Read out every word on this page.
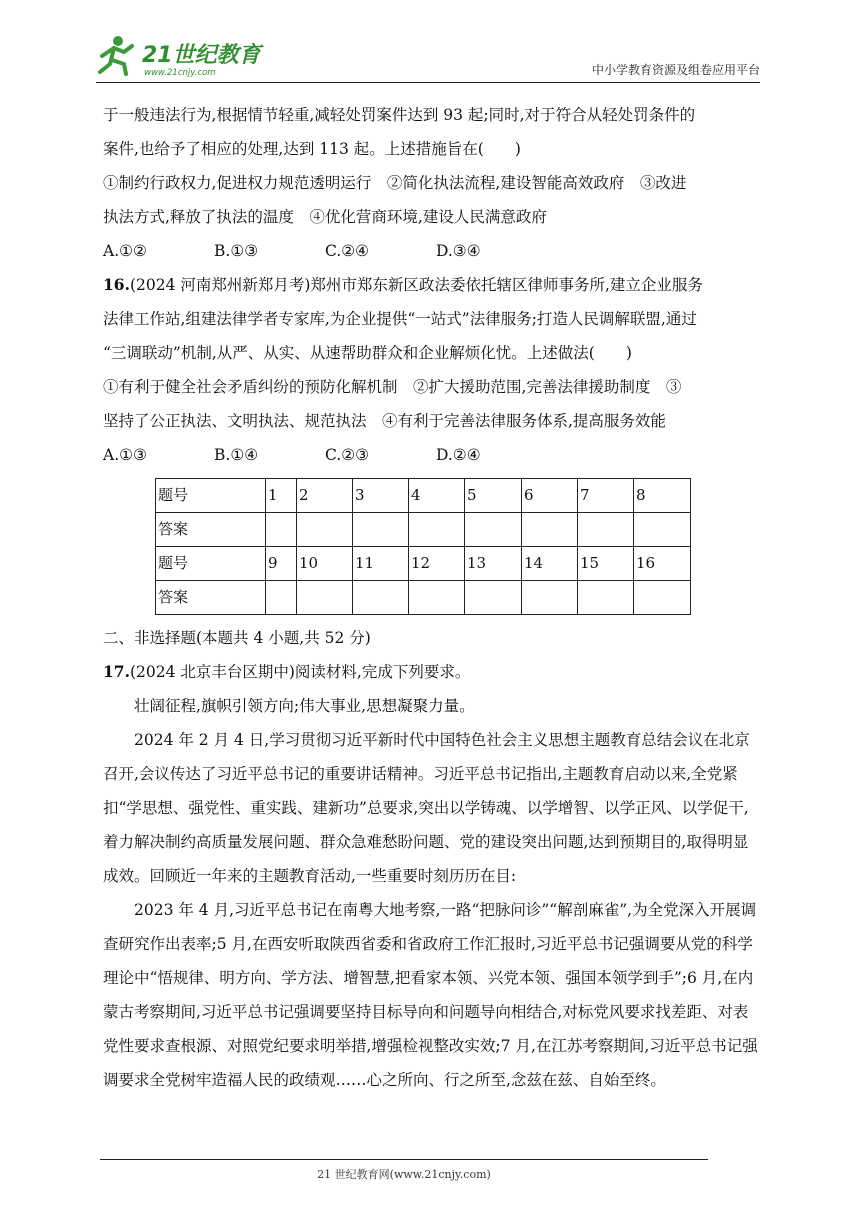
21世纪教育
www.21cnjy.com	中小学教育资源及组卷应用平台

于一般违法行为,根据情节轻重,减轻处罚案件达到 93 起;同时,对于符合从轻处罚条件的

案件,也给予了相应的处理,达到 113 起。上述措施旨在(　　)

①制约行政权力,促进权力规范透明运行　②简化执法流程,建设智能高效政府　③改进

执法方式,释放了执法的温度　④优化营商环境,建设人民满意政府

A.①②	B.①③	C.②④	D.③④

16.(2024 河南郑州新郑月考)郑州市郑东新区政法委依托辖区律师事务所,建立企业服务

法律工作站,组建法律学者专家库,为企业提供“一站式”法律服务;打造人民调解联盟,通过

“三调联动”机制,从严、从实、从速帮助群众和企业解烦化忧。上述做法(　　)

①有利于健全社会矛盾纠纷的预防化解机制　②扩大援助范围,完善法律援助制度　③

坚持了公正执法、文明执法、规范执法　④有利于完善法律服务体系,提高服务效能

A.①③	B.①④	C.②③	D.②④
题号	1	2	3	4	5	6	7	8
答案								
题号	9	10	11	12	13	14	15	16
答案								

二、非选择题(本题共 4 小题,共 52 分)

17.(2024 北京丰台区期中)阅读材料,完成下列要求。

壮阔征程,旗帜引领方向;伟大事业,思想凝聚力量。

2024 年 2 月 4 日,学习贯彻习近平新时代中国特色社会主义思想主题教育总结会议在北京召开,会议传达了习近平总书记的重要讲话精神。习近平总书记指出,主题教育启动以来,全党紧扣“学思想、强党性、重实践、建新功”总要求,突出以学铸魂、以学增智、以学正风、以学促干,着力解决制约高质量发展问题、群众急难愁盼问题、党的建设突出问题,达到预期目的,取得明显成效。回顾近一年来的主题教育活动,一些重要时刻历历在目:

2023 年 4 月,习近平总书记在南粤大地考察,一路“把脉问诊”“解剖麻雀”,为全党深入开展调查研究作出表率;5 月,在西安听取陕西省委和省政府工作汇报时,习近平总书记强调要从党的科学理论中“悟规律、明方向、学方法、增智慧,把看家本领、兴党本领、强国本领学到手”;6 月,在内蒙古考察期间,习近平总书记强调要坚持目标导向和问题导向相结合,对标党风要求找差距、对表党性要求查根源、对照党纪要求明举措,增强检视整改实效;7 月,在江苏考察期间,习近平总书记强调要求全党树牢造福人民的政绩观……心之所向、行之所至,念兹在兹、自始至终。

21 世纪教育网(www.21cnjy.com)
